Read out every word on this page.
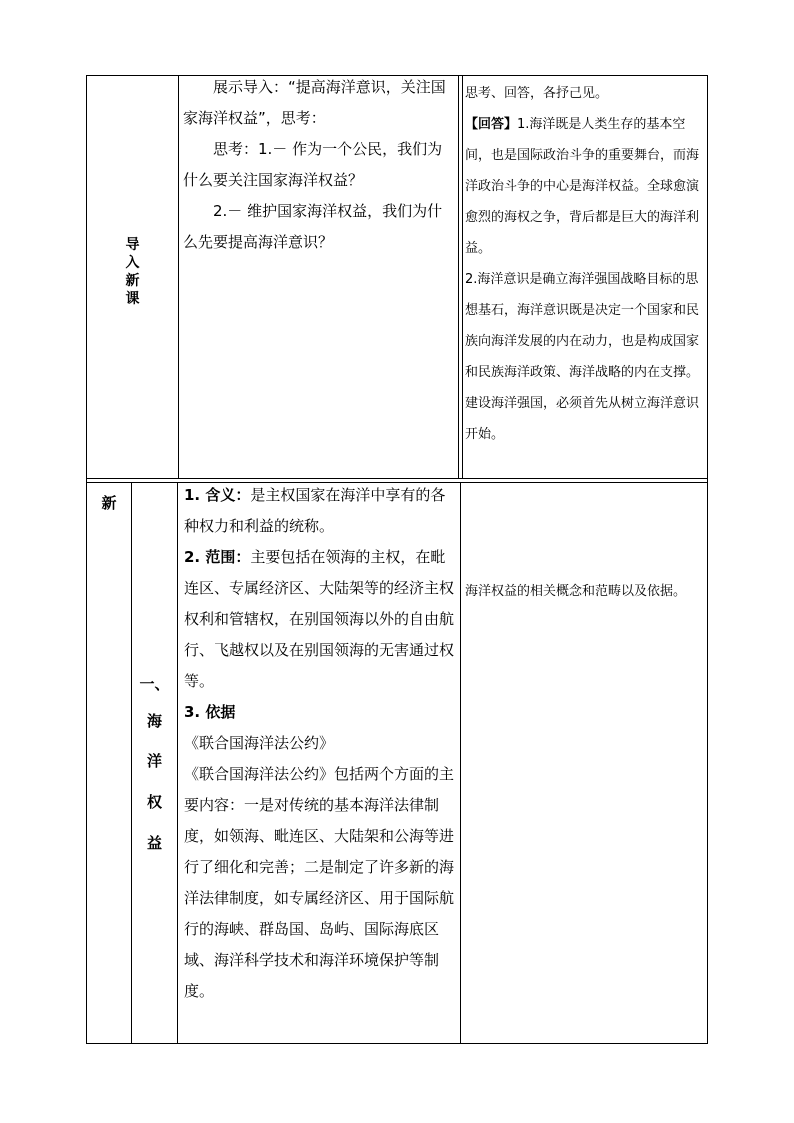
导
入
新
课

展示导入：“提高海洋意识，关注国家海洋权益”，思考：

思考：1.－ 作为一个公民，我们为什么要关注国家海洋权益？

2.－ 维护国家海洋权益，我们为什么先要提高海洋意识？

思考、回答，各抒己见。

【回答】1.海洋既是人类生存的基本空间，也是国际政治斗争的重要舞台，而海洋政治斗争的中心是海洋权益。全球愈演愈烈的海权之争，背后都是巨大的海洋利益。

2.海洋意识是确立海洋强国战略目标的思想基石，海洋意识既是决定一个国家和民族向海洋发展的内在动力，也是构成国家和民族海洋政策、海洋战略的内在支撑。建设海洋强国，必须首先从树立海洋意识开始。

新
一、
海
洋
权
益

1. 含义：是主权国家在海洋中享有的各种权力和利益的统称。

2. 范围：主要包括在领海的主权，在毗连区、专属经济区、大陆架等的经济主权权利和管辖权，在别国领海以外的自由航行、飞越权以及在别国领海的无害通过权等。

3. 依据

《联合国海洋法公约》

《联合国海洋法公约》包括两个方面的主要内容：一是对传统的基本海洋法律制度，如领海、毗连区、大陆架和公海等进行了细化和完善；二是制定了许多新的海洋法律制度，如专属经济区、用于国际航行的海峡、群岛国、岛屿、国际海底区域、海洋科学技术和海洋环境保护等制度。

海洋权益的相关概念和范畴以及依据。
